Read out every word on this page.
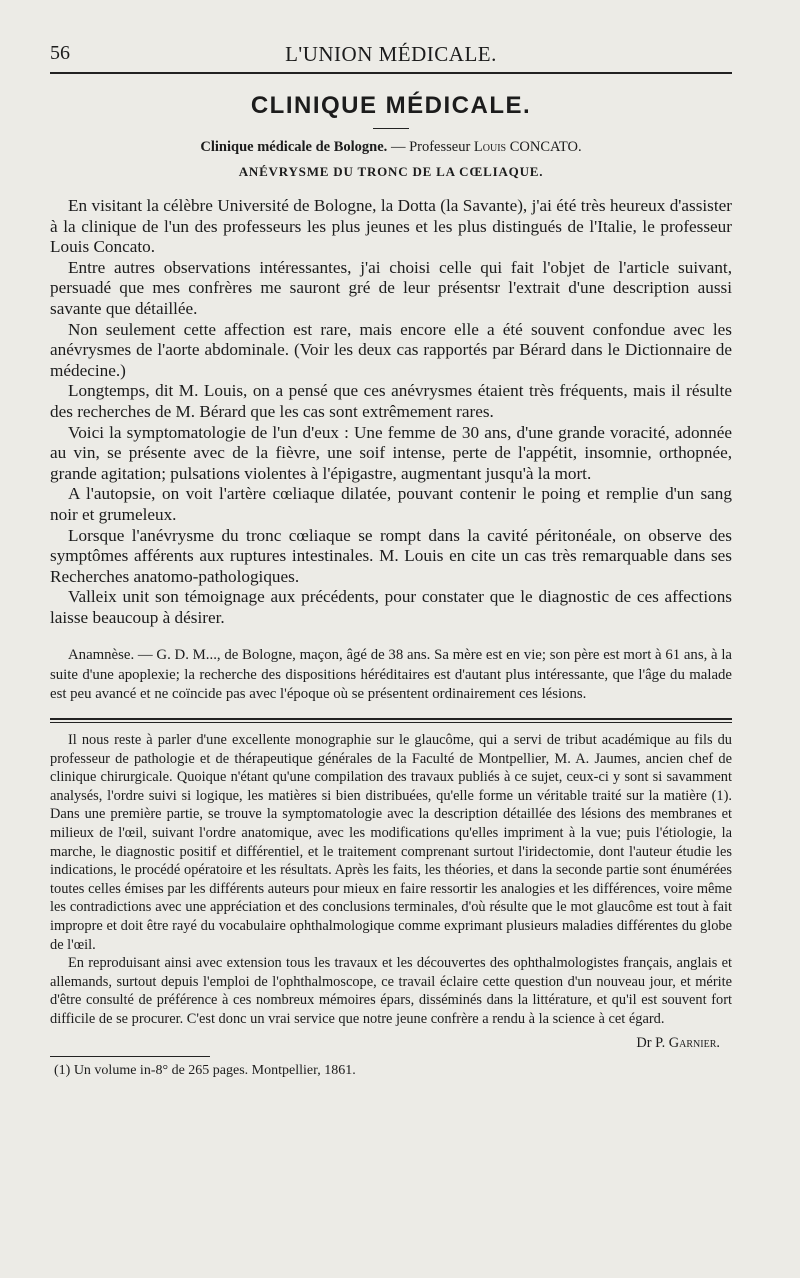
56	L'UNION MÉDICALE.
CLINIQUE MÉDICALE.
Clinique médicale de Bologne. — Professeur Louis CONCATO.
ANÉVRYSME DU TRONC DE LA CŒLIAQUE.

En visitant la célèbre Université de Bologne, la Dotta (la Savante), j'ai été très heureux d'assister à la clinique de l'un des professeurs les plus jeunes et les plus distingués de l'Italie, le professeur Louis Concato.

Entre autres observations intéressantes, j'ai choisi celle qui fait l'objet de l'article suivant, persuadé que mes confrères me sauront gré de leur présentsr l'extrait d'une description aussi savante que détaillée.

Non seulement cette affection est rare, mais encore elle a été souvent confondue avec les anévrysmes de l'aorte abdominale. (Voir les deux cas rapportés par Bérard dans le Dictionnaire de médecine.)

Longtemps, dit M. Louis, on a pensé que ces anévrysmes étaient très fréquents, mais il résulte des recherches de M. Bérard que les cas sont extrêmement rares.

Voici la symptomatologie de l'un d'eux : Une femme de 30 ans, d'une grande voracité, adonnée au vin, se présente avec de la fièvre, une soif intense, perte de l'appétit, insomnie, orthopnée, grande agitation; pulsations violentes à l'épigastre, augmentant jusqu'à la mort.

A l'autopsie, on voit l'artère cœliaque dilatée, pouvant contenir le poing et remplie d'un sang noir et grumeleux.

Lorsque l'anévrysme du tronc cœliaque se rompt dans la cavité péritonéale, on observe des symptômes afférents aux ruptures intestinales. M. Louis en cite un cas très remarquable dans ses Recherches anatomo-pathologiques.

Valleix unit son témoignage aux précédents, pour constater que le diagnostic de ces affections laisse beaucoup à désirer.

Anamnèse. — G. D. M..., de Bologne, maçon, âgé de 38 ans. Sa mère est en vie; son père est mort à 61 ans, à la suite d'une apoplexie; la recherche des dispositions héréditaires est d'autant plus intéressante, que l'âge du malade est peu avancé et ne coïncide pas avec l'époque où se présentent ordinairement ces lésions.

Il nous reste à parler d'une excellente monographie sur le glaucôme, qui a servi de tribut académique au fils du professeur de pathologie et de thérapeutique générales de la Faculté de Montpellier, M. A. Jaumes, ancien chef de clinique chirurgicale. Quoique n'étant qu'une compilation des travaux publiés à ce sujet, ceux-ci y sont si savamment analysés, l'ordre suivi si logique, les matières si bien distribuées, qu'elle forme un véritable traité sur la matière (1). Dans une première partie, se trouve la symptomatologie avec la description détaillée des lésions des membranes et milieux de l'œil, suivant l'ordre anatomique, avec les modifications qu'elles impriment à la vue; puis l'étiologie, la marche, le diagnostic positif et différentiel, et le traitement comprenant surtout l'iridectomie, dont l'auteur étudie les indications, le procédé opératoire et les résultats. Après les faits, les théories, et dans la seconde partie sont énumérées toutes celles émises par les différents auteurs pour mieux en faire ressortir les analogies et les différences, voire même les contradictions avec une appréciation et des conclusions terminales, d'où résulte que le mot glaucôme est tout à fait impropre et doit être rayé du vocabulaire ophthalmologique comme exprimant plusieurs maladies différentes du globe de l'œil.

En reproduisant ainsi avec extension tous les travaux et les découvertes des ophthalmologistes français, anglais et allemands, surtout depuis l'emploi de l'ophthalmoscope, ce travail éclaire cette question d'un nouveau jour, et mérite d'être consulté de préférence à ces nombreux mémoires épars, disséminés dans la littérature, et qu'il est souvent fort difficile de se procurer. C'est donc un vrai service que notre jeune confrère a rendu à la science à cet égard.

Dr P. Garnier.
(1) Un volume in-8° de 265 pages. Montpellier, 1861.
